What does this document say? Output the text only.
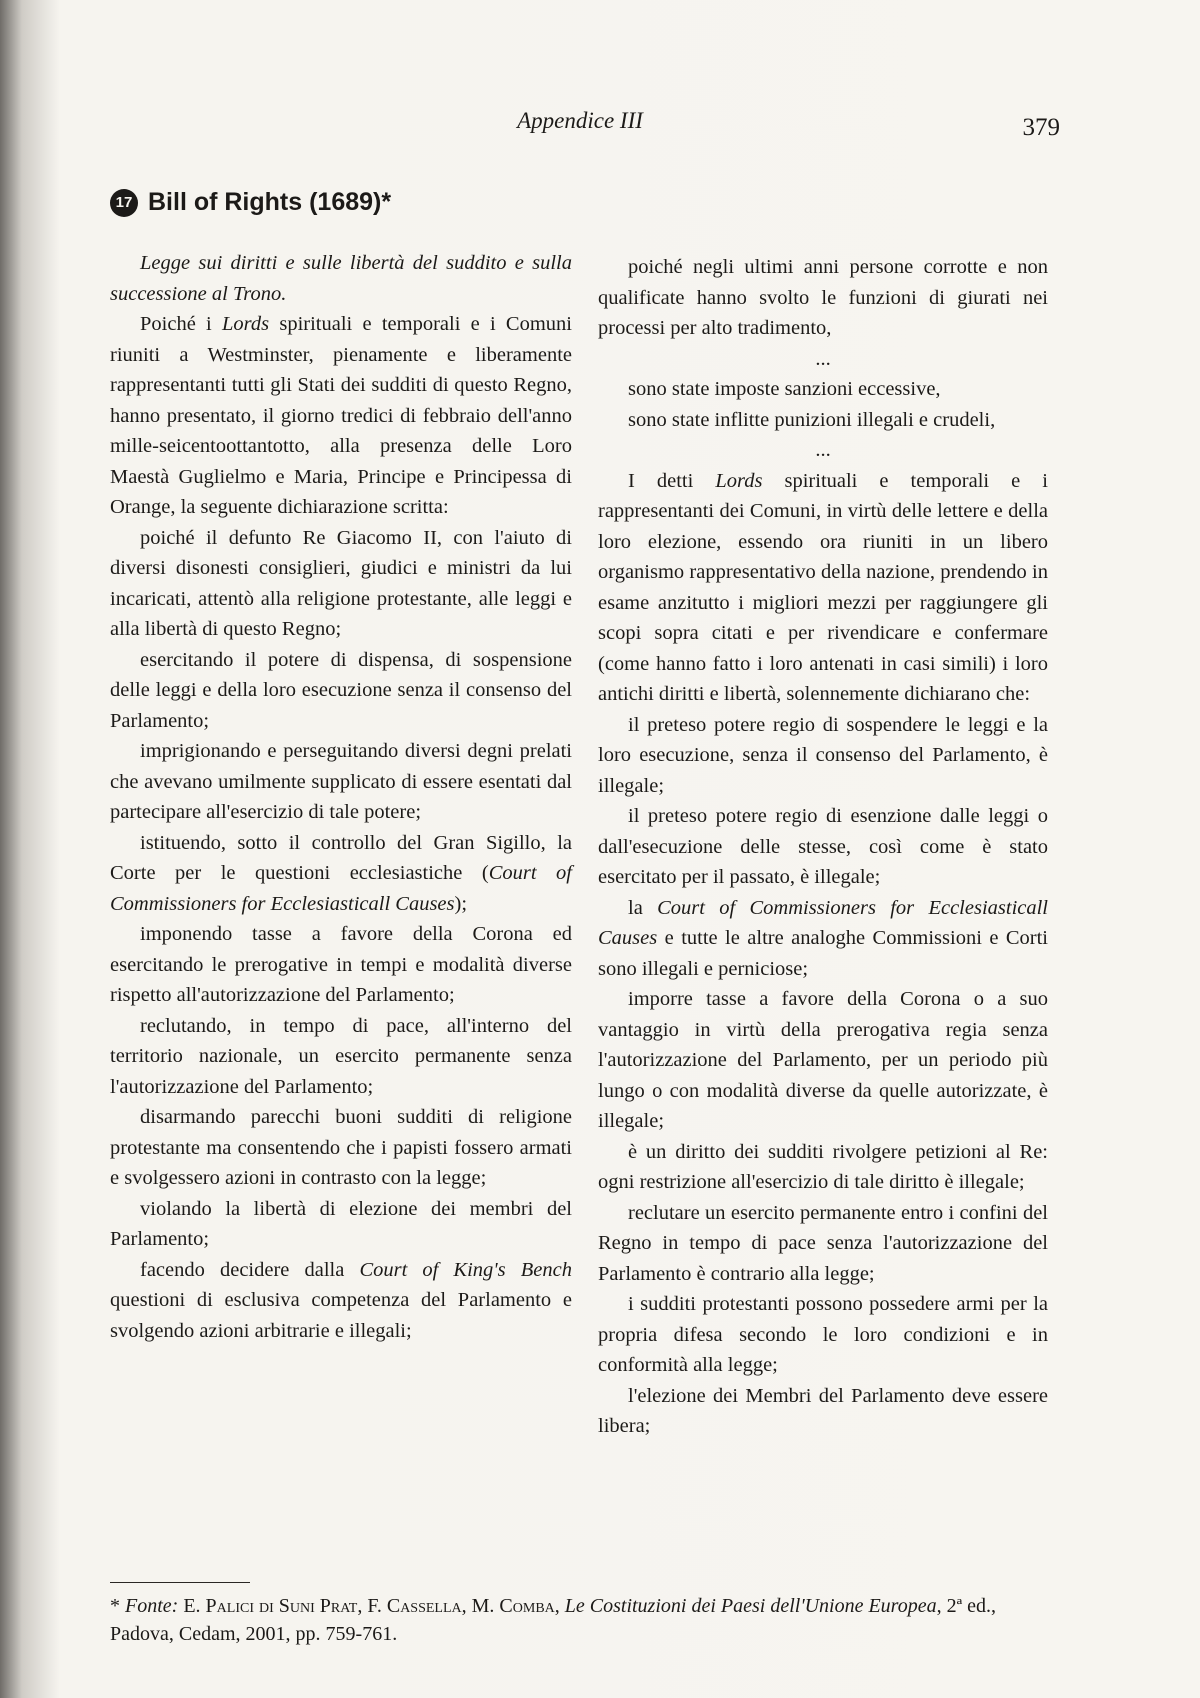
Appendice III	379
17 Bill of Rights (1689)*

Legge sui diritti e sulle libertà del suddito e sulla successione al Trono.

Poiché i Lords spirituali e temporali e i Comuni riuniti a Westminster, pienamente e liberamente rappresentanti tutti gli Stati dei sudditi di questo Regno, hanno presentato, il giorno tredici di febbraio dell'anno mille-seicentoottantotto, alla presenza delle Loro Maestà Guglielmo e Maria, Principe e Principessa di Orange, la seguente dichiarazione scritta:

poiché il defunto Re Giacomo II, con l'aiuto di diversi disonesti consiglieri, giudici e ministri da lui incaricati, attentò alla religione protestante, alle leggi e alla libertà di questo Regno;

esercitando il potere di dispensa, di sospensione delle leggi e della loro esecuzione senza il consenso del Parlamento;

imprigionando e perseguitando diversi degni prelati che avevano umilmente supplicato di essere esentati dal partecipare all'esercizio di tale potere;

istituendo, sotto il controllo del Gran Sigillo, la Corte per le questioni ecclesiastiche (Court of Commissioners for Ecclesiasticall Causes);

imponendo tasse a favore della Corona ed esercitando le prerogative in tempi e modalità diverse rispetto all'autorizzazione del Parlamento;

reclutando, in tempo di pace, all'interno del territorio nazionale, un esercito permanente senza l'autorizzazione del Parlamento;

disarmando parecchi buoni sudditi di religione protestante ma consentendo che i papisti fossero armati e svolgessero azioni in contrasto con la legge;

violando la libertà di elezione dei membri del Parlamento;

facendo decidere dalla Court of King's Bench questioni di esclusiva competenza del Parlamento e svolgendo azioni arbitrarie e illegali;

poiché negli ultimi anni persone corrotte e non qualificate hanno svolto le funzioni di giurati nei processi per alto tradimento,

...

sono state imposte sanzioni eccessive,

sono state inflitte punizioni illegali e crudeli,

...

I detti Lords spirituali e temporali e i rappresentanti dei Comuni, in virtù delle lettere e della loro elezione, essendo ora riuniti in un libero organismo rappresentativo della nazione, prendendo in esame anzitutto i migliori mezzi per raggiungere gli scopi sopra citati e per rivendicare e confermare (come hanno fatto i loro antenati in casi simili) i loro antichi diritti e libertà, solennemente dichiarano che:

il preteso potere regio di sospendere le leggi e la loro esecuzione, senza il consenso del Parlamento, è illegale;

il preteso potere regio di esenzione dalle leggi o dall'esecuzione delle stesse, così come è stato esercitato per il passato, è illegale;

la Court of Commissioners for Ecclesiasticall Causes e tutte le altre analoghe Commissioni e Corti sono illegali e perniciose;

imporre tasse a favore della Corona o a suo vantaggio in virtù della prerogativa regia senza l'autorizzazione del Parlamento, per un periodo più lungo o con modalità diverse da quelle autorizzate, è illegale;

è un diritto dei sudditi rivolgere petizioni al Re: ogni restrizione all'esercizio di tale diritto è illegale;

reclutare un esercito permanente entro i confini del Regno in tempo di pace senza l'autorizzazione del Parlamento è contrario alla legge;

i sudditi protestanti possono possedere armi per la propria difesa secondo le loro condizioni e in conformità alla legge;

l'elezione dei Membri del Parlamento deve essere libera;

* Fonte: E. Palici di Suni Prat, F. Cassella, M. Comba, Le Costituzioni dei Paesi dell'Unione Europea, 2ª ed., Padova, Cedam, 2001, pp. 759-761.
